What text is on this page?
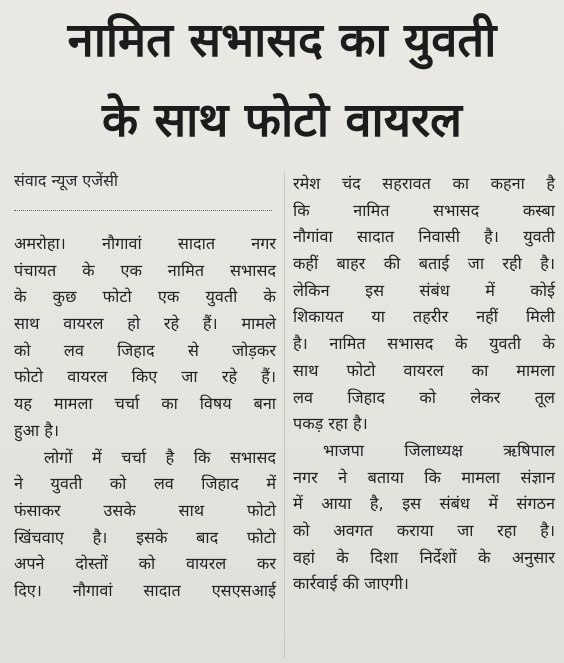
नामित सभासद का युवती
के साथ फोटो वायरल
संवाद न्यूज एजेंसी
अमरोहा। नौगावां सादात नगर
पंचायत के एक नामित सभासद
के कुछ फोटो एक युवती के
साथ वायरल हो रहे हैं। मामले
को लव जिहाद से जोड़कर
फोटो वायरल किए जा रहे हैं।
यह मामला चर्चा का विषय बना
हुआ है।
लोगों में चर्चा है कि सभासद
ने युवती को लव जिहाद में
फंसाकर उसके साथ फोटो
खिंचवाए है। इसके बाद फोटो
अपने दोस्तों को वायरल कर
दिए। नौगावां सादात एसएसआई
रमेश चंद सहरावत का कहना है
कि नामित सभासद कस्बा
नौगांवा सादात निवासी है। युवती
कहीं बाहर की बताई जा रही है।
लेकिन इस संबंध में कोई
शिकायत या तहरीर नहीं मिली
है। नामित सभासद के युवती के
साथ फोटो वायरल का मामला
लव जिहाद को लेकर तूल
पकड़ रहा है।
भाजपा जिलाध्यक्ष ऋषिपाल
नगर ने बताया कि मामला संज्ञान
में आया है, इस संबंध में संगठन
को अवगत कराया जा रहा है।
वहां के दिशा निर्देशों के अनुसार
कार्रवाई की जाएगी।
